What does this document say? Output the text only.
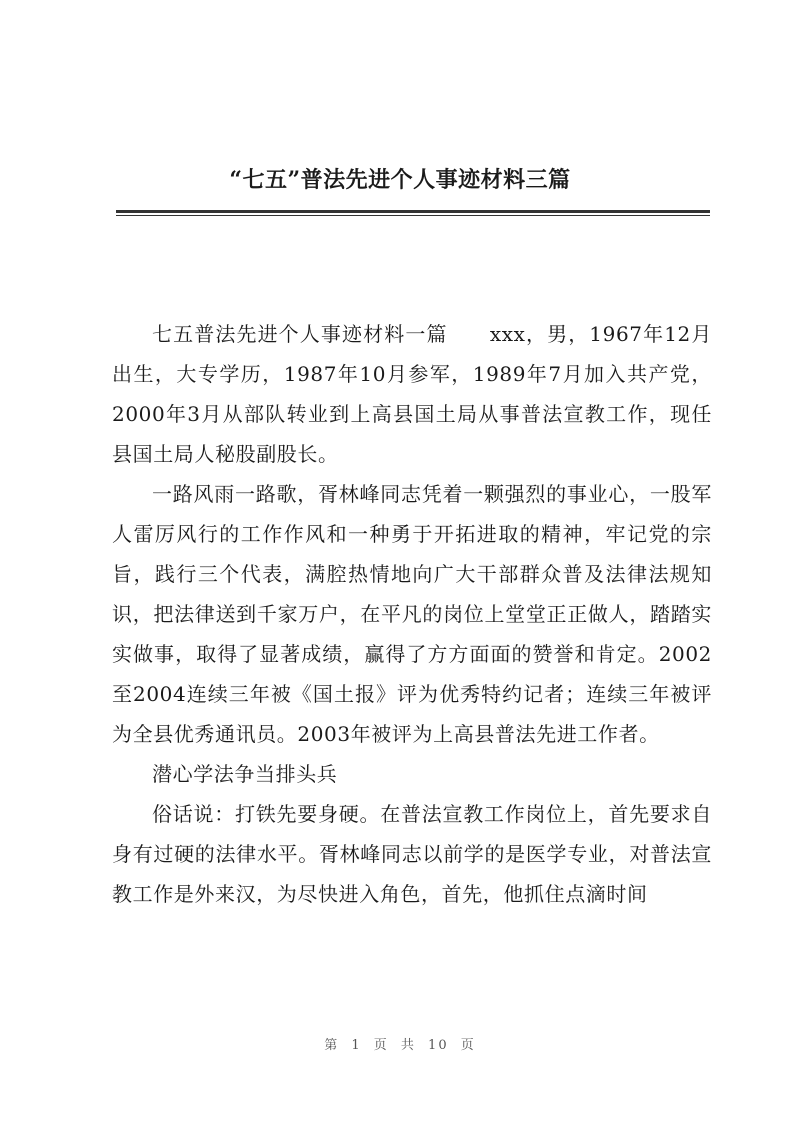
“七五”普法先进个人事迹材料三篇

七五普法先进个人事迹材料一篇　　xxx，男，1967年12月出生，大专学历，1987年10月参军，1989年7月加入共产党，2000年3月从部队转业到上高县国土局从事普法宣教工作，现任县国土局人秘股副股长。

一路风雨一路歌，胥林峰同志凭着一颗强烈的事业心，一股军人雷厉风行的工作作风和一种勇于开拓进取的精神，牢记党的宗旨，践行三个代表，满腔热情地向广大干部群众普及法律法规知识，把法律送到千家万户，在平凡的岗位上堂堂正正做人，踏踏实实做事，取得了显著成绩，赢得了方方面面的赞誉和肯定。2002至2004连续三年被《国土报》评为优秀特约记者；连续三年被评为全县优秀通讯员。2003年被评为上高县普法先进工作者。

潜心学法争当排头兵

俗话说：打铁先要身硬。在普法宣教工作岗位上，首先要求自身有过硬的法律水平。胥林峰同志以前学的是医学专业，对普法宣教工作是外来汉，为尽快进入角色，首先，他抓住点滴时间

第 1 页 共 10 页
